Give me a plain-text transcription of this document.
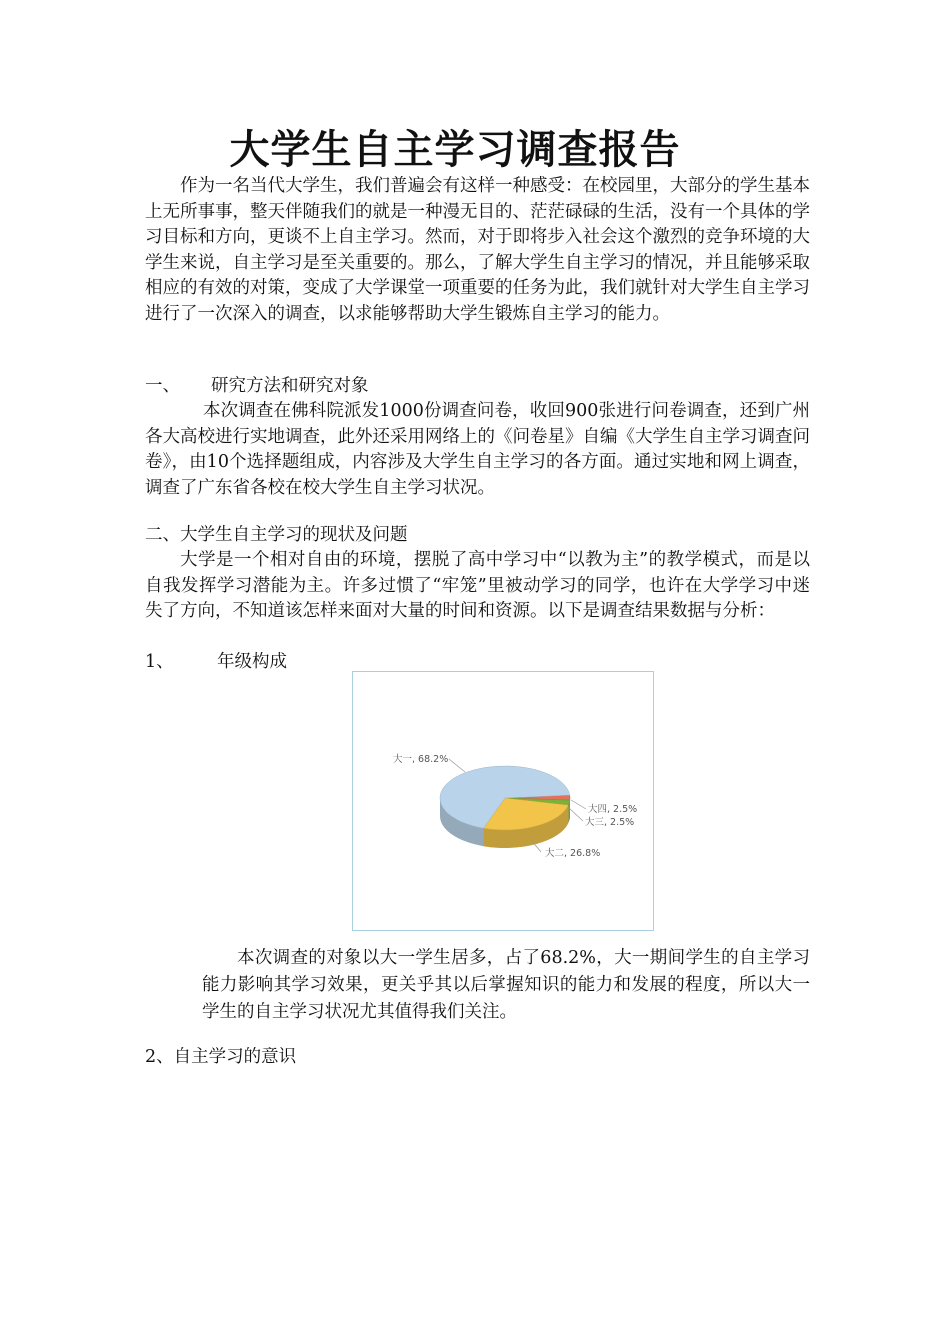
大学生自主学习调查报告

作为一名当代大学生，我们普遍会有这样一种感受：在校园里，大部分的学生基本上无所事事，整天伴随我们的就是一种漫无目的、茫茫碌碌的生活，没有一个具体的学习目标和方向，更谈不上自主学习。然而，对于即将步入社会这个激烈的竞争环境的大学生来说，自主学习是至关重要的。那么，了解大学生自主学习的情况，并且能够采取相应的有效的对策，变成了大学课堂一项重要的任务为此，我们就针对大学生自主学习进行了一次深入的调查，以求能够帮助大学生锻炼自主学习的能力。

一、 研究方法和研究对象

本次调查在佛科院派发1000份调查问卷，收回900张进行问卷调查，还到广州各大高校进行实地调查，此外还采用网络上的《问卷星》自编《大学生自主学习调查问卷》，由10个选择题组成，内容涉及大学生自主学习的各方面。通过实地和网上调查，调查了广东省各校在校大学生自主学习状况。

二、大学生自主学习的现状及问题

大学是一个相对自由的环境，摆脱了高中学习中“以教为主”的教学模式，而是以自我发挥学习潜能为主。许多过惯了“牢笼”里被动学习的同学，也许在大学学习中迷失了方向，不知道该怎样来面对大量的时间和资源。以下是调查结果数据与分析：

1、 年级构成

大一, 68.2%
大二, 26.8%
大三, 2.5%
大四, 2.5%

本次调查的对象以大一学生居多，占了68.2%，大一期间学生的自主学习能力影响其学习效果，更关乎其以后掌握知识的能力和发展的程度，所以大一学生的自主学习状况尤其值得我们关注。

2、自主学习的意识
